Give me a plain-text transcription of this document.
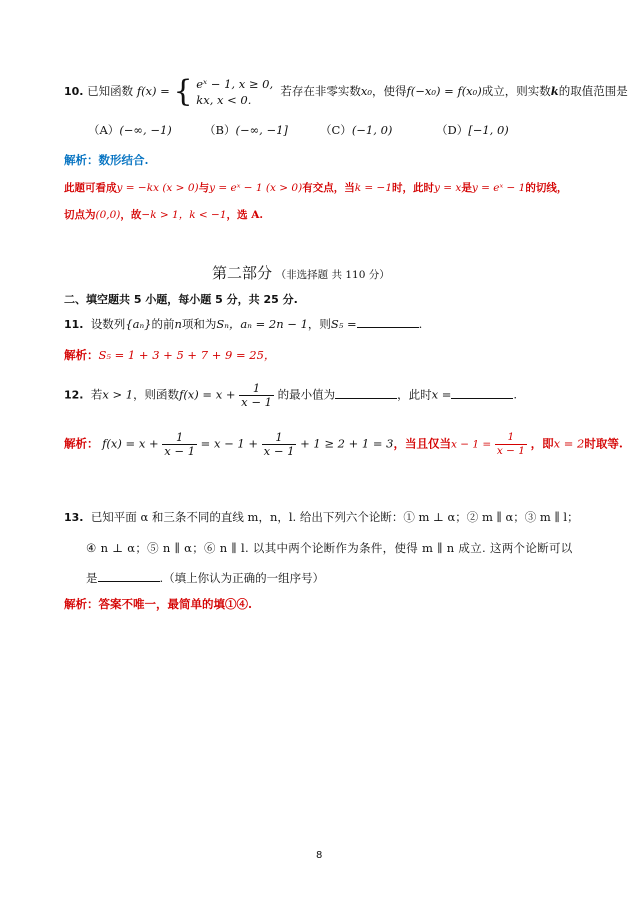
10. 已知函数 f(x) = { eˣ − 1, x ≥ 0,
kx, x < 0.
若存在非零实数x₀，使得f(−x₀) = f(x₀)成立，则实数k的取值范围是
（A）(−∞, −1)	（B）(−∞, −1]	（C）(−1, 0)	（D）[−1, 0)
解析：数形结合.
此题可看成y = −kx (x > 0)与y = eˣ − 1 (x > 0)有交点，当k = −1时，此时y = x是y = eˣ − 1的切线，
切点为(0,0)，故−k > 1，k < −1，选 A.
第二部分 （非选择题 共 110 分）
二、填空题共 5 小题，每小题 5 分，共 25 分.
11. 设数列{aₙ}的前n项和为Sₙ，aₙ = 2n − 1，则S₅ =	.
解析：S₅ = 1 + 3 + 5 + 7 + 9 = 25，
12. 若x > 1，则函数$f(x) = x + \frac{1}{x - 1}$ 的最小值为	，此时x =	.
解析： $f(x) = x + \frac{1}{x - 1} = x - 1 + \frac{1}{x - 1} + 1 \ge 2 + 1 = 3$，当且仅当$x - 1 = \frac{1}{x - 1}$ ，即x = 2时取等.
13. 已知平面 α 和三条不同的直线 m，n，l. 给出下列六个论断：① m ⊥ α；② m ∥ α；③ m ∥ l；
④ n ⊥ α；⑤ n ∥ α；⑥ n ∥ l. 以其中两个论断作为条件，使得 m ∥ n 成立. 这两个论断可以
是	.（填上你认为正确的一组序号）
解析：答案不唯一，最简单的填①④.
8
